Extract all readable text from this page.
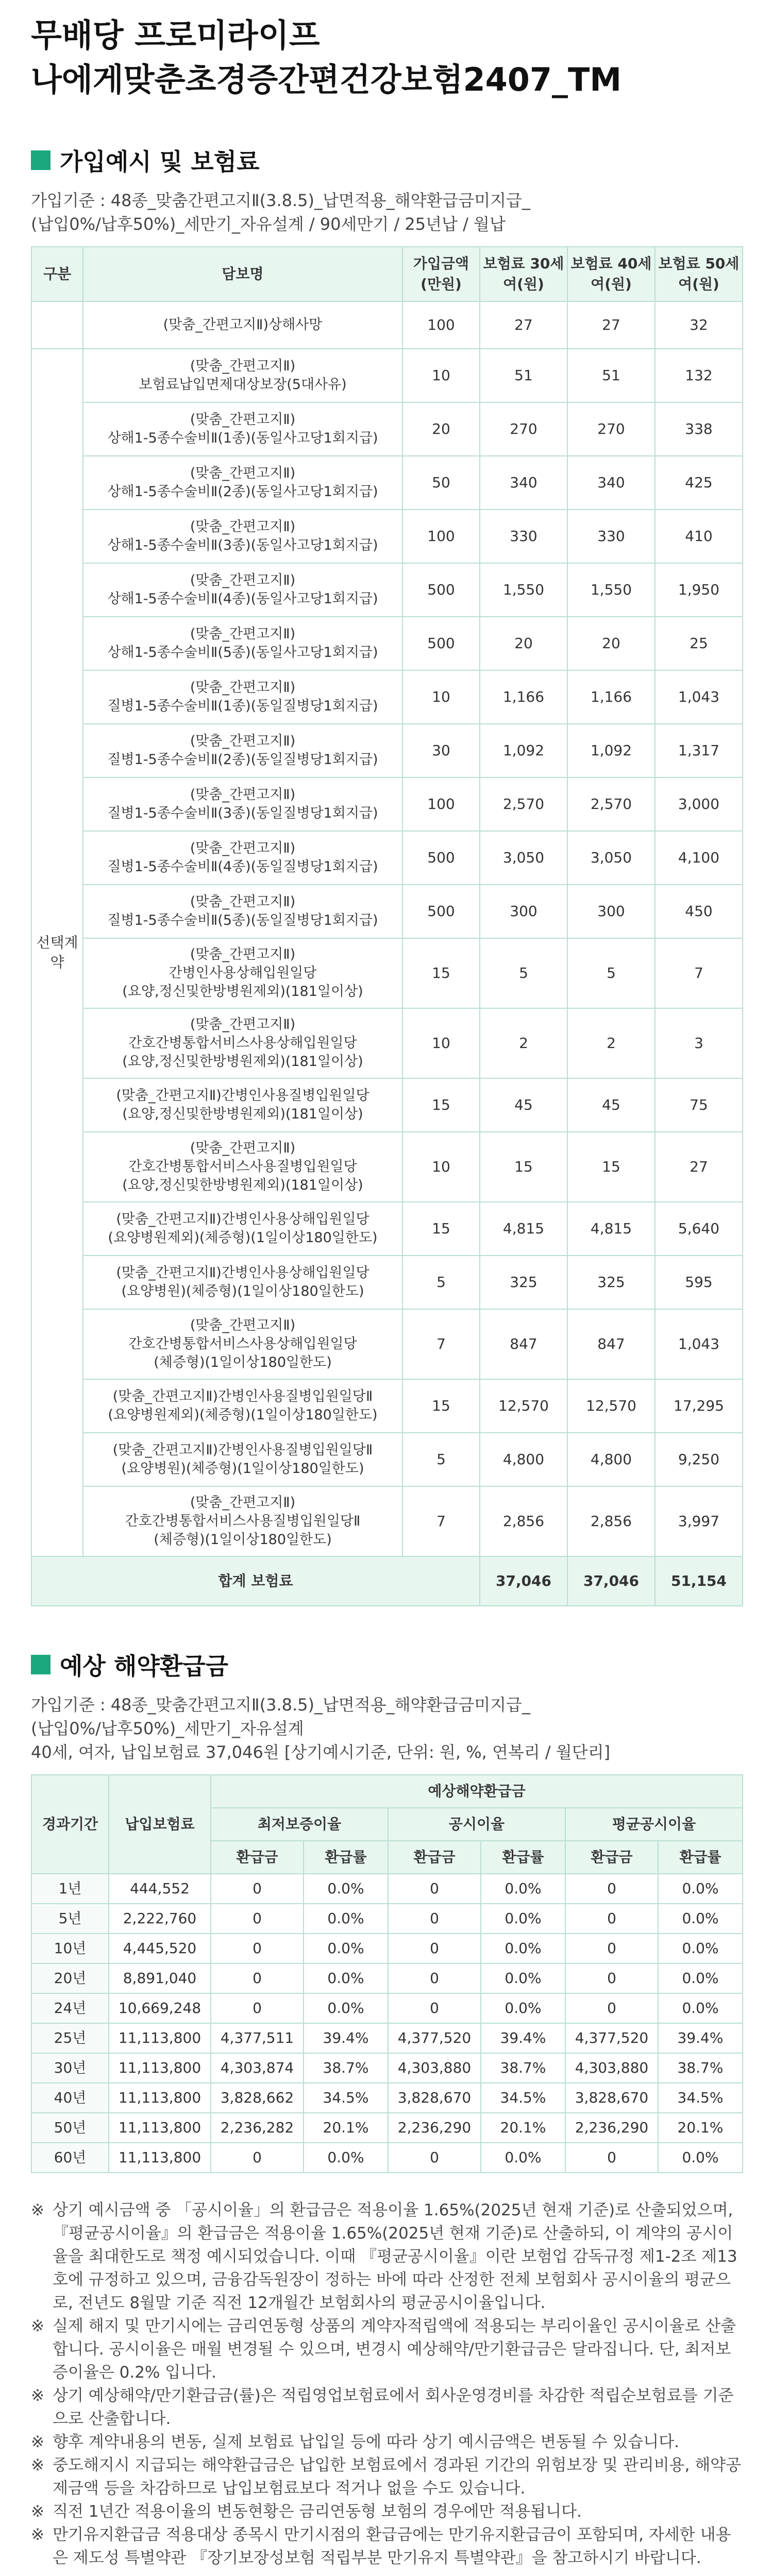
무배당 프로미라이프
나에게맞춘초경증간편건강보험2407_TM
가입예시 및 보험료
가입기준 : 48종_맞춤간편고지Ⅱ(3.8.5)_납면적용_해약환급금미지급_
(납입0%/납후50%)_세만기_자유설계 / 90세만기 / 25년납 / 월납
구분	담보명	가입금액(만원)	보험료 30세 여(원)	보험료 40세 여(원)	보험료 50세 여(원)

	(맞춤_간편고지Ⅱ)상해사망	100	27	27	32
선택계약	(맞춤_간편고지Ⅱ)
보험료납입면제대상보장(5대사유)	10	51	51	132

	(맞춤_간편고지Ⅱ)
상해1-5종수술비Ⅱ(1종)(동일사고당1회지급)	20	270	270	338

	(맞춤_간편고지Ⅱ)
상해1-5종수술비Ⅱ(2종)(동일사고당1회지급)	50	340	340	425

	(맞춤_간편고지Ⅱ)
상해1-5종수술비Ⅱ(3종)(동일사고당1회지급)	100	330	330	410

	(맞춤_간편고지Ⅱ)
상해1-5종수술비Ⅱ(4종)(동일사고당1회지급)	500	1,550	1,550	1,950

	(맞춤_간편고지Ⅱ)
상해1-5종수술비Ⅱ(5종)(동일사고당1회지급)	500	20	20	25

	(맞춤_간편고지Ⅱ)
질병1-5종수술비Ⅱ(1종)(동일질병당1회지급)	10	1,166	1,166	1,043

	(맞춤_간편고지Ⅱ)
질병1-5종수술비Ⅱ(2종)(동일질병당1회지급)	30	1,092	1,092	1,317

	(맞춤_간편고지Ⅱ)
질병1-5종수술비Ⅱ(3종)(동일질병당1회지급)	100	2,570	2,570	3,000

	(맞춤_간편고지Ⅱ)
질병1-5종수술비Ⅱ(4종)(동일질병당1회지급)	500	3,050	3,050	4,100

	(맞춤_간편고지Ⅱ)
질병1-5종수술비Ⅱ(5종)(동일질병당1회지급)	500	300	300	450

	(맞춤_간편고지Ⅱ)
간병인사용상해입원일당
(요양,정신및한방병원제외)(181일이상)	15	5	5	7

	(맞춤_간편고지Ⅱ)
간호간병통합서비스사용상해입원일당
(요양,정신및한방병원제외)(181일이상)	10	2	2	3

	(맞춤_간편고지Ⅱ)간병인사용질병입원일당
(요양,정신및한방병원제외)(181일이상)	15	45	45	75

	(맞춤_간편고지Ⅱ)
간호간병통합서비스사용질병입원일당
(요양,정신및한방병원제외)(181일이상)	10	15	15	27

	(맞춤_간편고지Ⅱ)간병인사용상해입원일당
(요양병원제외)(체증형)(1일이상180일한도)	15	4,815	4,815	5,640

	(맞춤_간편고지Ⅱ)간병인사용상해입원일당
(요양병원)(체증형)(1일이상180일한도)	5	325	325	595

	(맞춤_간편고지Ⅱ)
간호간병통합서비스사용상해입원일당
(체증형)(1일이상180일한도)	7	847	847	1,043

	(맞춤_간편고지Ⅱ)간병인사용질병입원일당Ⅱ
(요양병원제외)(체증형)(1일이상180일한도)	15	12,570	12,570	17,295

	(맞춤_간편고지Ⅱ)간병인사용질병입원일당Ⅱ
(요양병원)(체증형)(1일이상180일한도)	5	4,800	4,800	9,250

	(맞춤_간편고지Ⅱ)
간호간병통합서비스사용질병입원일당Ⅱ
(체증형)(1일이상180일한도)	7	2,856	2,856	3,997
합계 보험료			37,046	37,046	51,154
예상 해약환급금
가입기준 : 48종_맞춤간편고지Ⅱ(3.8.5)_납면적용_해약환급금미지급_
(납입0%/납후50%)_세만기_자유설계
40세, 여자, 납입보험료 37,046원 [상기예시기준, 단위: 원, %, 연복리 / 월단리]
경과기간	납입보험료	예상해약환급금					
		최저보증이율		공시이율		평균공시이율	
		환급금	환급률	환급금	환급률	환급금	환급률
1년	444,552	0	0.0%	0	0.0%	0	0.0%
5년	2,222,760	0	0.0%	0	0.0%	0	0.0%
10년	4,445,520	0	0.0%	0	0.0%	0	0.0%
20년	8,891,040	0	0.0%	0	0.0%	0	0.0%
24년	10,669,248	0	0.0%	0	0.0%	0	0.0%
25년	11,113,800	4,377,511	39.4%	4,377,520	39.4%	4,377,520	39.4%
30년	11,113,800	4,303,874	38.7%	4,303,880	38.7%	4,303,880	38.7%
40년	11,113,800	3,828,662	34.5%	3,828,670	34.5%	3,828,670	34.5%
50년	11,113,800	2,236,282	20.1%	2,236,290	20.1%	2,236,290	20.1%
60년	11,113,800	0	0.0%	0	0.0%	0	0.0%
※ 상기 예시금액 중 「공시이율」의 환급금은 적용이율 1.65%(2025년 현재 기준)로 산출되었으며, 『평균공시이율』의 환급금은 적용이율 1.65%(2025년 현재 기준)로 산출하되, 이 계약의 공시이율을 최대한도로 책정 예시되었습니다. 이때 『평균공시이율』이란 보험업 감독규정 제1-2조 제13호에 규정하고 있으며, 금융감독원장이 정하는 바에 따라 산정한 전체 보험회사 공시이율의 평균으로, 전년도 8월말 기준 직전 12개월간 보험회사의 평균공시이율입니다.
※ 실제 해지 및 만기시에는 금리연동형 상품의 계약자적립액에 적용되는 부리이율인 공시이율로 산출합니다. 공시이율은 매월 변경될 수 있으며, 변경시 예상해약/만기환급금은 달라집니다. 단, 최저보증이율은 0.2% 입니다.
※ 상기 예상해약/만기환급금(률)은 적립영업보험료에서 회사운영경비를 차감한 적립순보험료를 기준으로 산출합니다.
※ 향후 계약내용의 변동, 실제 보험료 납입일 등에 따라 상기 예시금액은 변동될 수 있습니다.
※ 중도해지시 지급되는 해약환급금은 납입한 보험료에서 경과된 기간의 위험보장 및 관리비용, 해약공제금액 등을 차감하므로 납입보험료보다 적거나 없을 수도 있습니다.
※ 직전 1년간 적용이율의 변동현황은 금리연동형 보험의 경우에만 적용됩니다.
※ 만기유지환급금 적용대상 종목시 만기시점의 환급금에는 만기유지환급금이 포함되며, 자세한 내용은 제도성 특별약관 『장기보장성보험 적립부분 만기유지 특별약관』을 참고하시기 바랍니다.
